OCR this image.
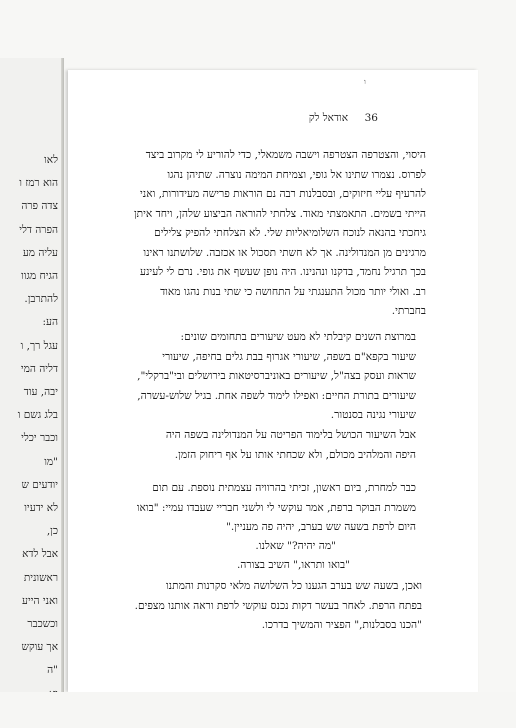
לאו
הוא רמז ו
צדה פרה
הפרה דלי
עליה מע
הגיח מגוו
להתרבן.
הע:
עגל רך, ו
דליה המי
יבה, עוד
בלג גשם ו
וכבר יכלי
"מו
יודעים ש
לא ידעיו
כן,
אבל לדא
ראשונית
ואני הייע
וכשכבר
אך עוקש
"ה
ו
36
אודאל לק
היסוי, והצטרפה הצטרפה וישבה משמאלי, כדי להוריע לי מקרוב ביצד
לפרוס. נצמרו שתינו אל גופי, וצמיחת המימה נוצרה. שתיהן נהגו
להרעיף עליי חיזוקים, ובסבלנות רבה נם הוראות פרישה מעידורות, ואני
הייתי בשמים. התאמצתי מאוד. צלחתי להוראה הביצוע שלהן, ויחד איתן
גיחכתי בהנאה לנוכח השלומיאליות שלי. לא הצלחתי להפיק צלילים
מרגינים מן המנדולינה. אך לא חשתי תסכול או אכזבה. שלושתנו ראינו
בכך תרגיל נחמד, בדקנו ונהנינו. היה נופן שעשף את גופי. נרם לי לעינע
רב. ואולי יותר מכול התענגתי על התחושה כי שתי בנות נהגו מאוד
בחברתי.
במרוצת השנים קיבלתי לא מעט שיעורים בתחומים שונים:
שיעור בקפא"ם בשפה, שיעורי אגרוף בבת גלים בחיפה, שיעורי
שראות ועסק בצה"ל, שיעורים באוניברסיטאות בירושלים ובי"ברקלי",
שיעורים בתורת החיים: ואפילו לימוד לשפה אחת. בגיל שלוש-עשרה,
שיעורי נגינה בסנטור.
אבל השיעור הכושל בלימוד הפריטה על המנדולינה בשפה היה
היפה והמלהיב מכולם, ולא שכחתי אותו על אף ריחוק הזמן.
כבר למחרת, ביום ראשון, זכיתי בהרוויה עצמתית נוספת. עם תום
משמרת הבוקר ברפת, אמר עוקשי לי ולשני חבריי שעבדו עמיי: "בואו
היום לרפת בשעה שש בערב, יהיה פה מעניין."
"מה יהיה?" שאלנו.
"בואו ותראו," השיב בצורה.
ואכן, בשעה שש בערב הגענו כל השלושה מלאי סקרנות והמתנו
בפתח הרפת. לאחר בעשר דקות נכנס עוקשי לרפת וראה אותנו מצפים.
"הכנו בסבלנות," הפציר והמשיך בדרכו.
